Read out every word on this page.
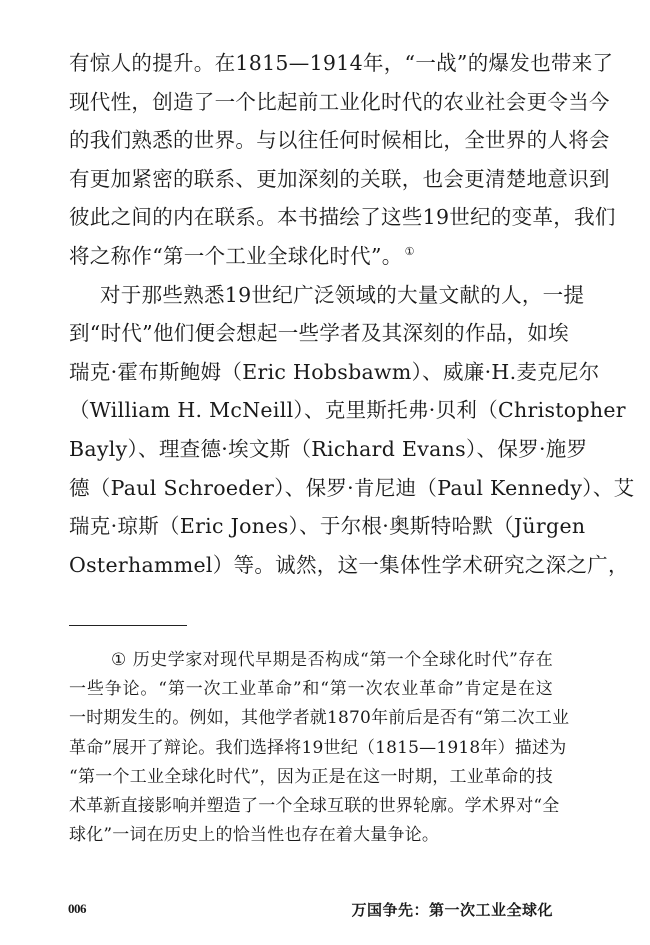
有惊人的提升。在1815—1914年，“一战”的爆发也带来了
现代性，创造了一个比起前工业化时代的农业社会更令当今
的我们熟悉的世界。与以往任何时候相比，全世界的人将会
有更加紧密的联系、更加深刻的关联，也会更清楚地意识到
彼此之间的内在联系。本书描绘了这些19世纪的变革，我们
将之称作“第一个工业全球化时代”。 ①
对于那些熟悉19世纪广泛领域的大量文献的人，一提
到“时代”他们便会想起一些学者及其深刻的作品，如埃
瑞克·霍布斯鲍姆（Eric Hobsbawm）、威廉·H.麦克尼尔
（William H. McNeill）、克里斯托弗·贝利（Christopher
Bayly）、理查德·埃文斯（Richard Evans）、保罗·施罗
德（Paul Schroeder）、保罗·肯尼迪（Paul Kennedy）、艾
瑞克·琼斯（Eric Jones）、于尔根·奥斯特哈默（Jürgen
Osterhammel）等。诚然，这一集体性学术研究之深之广，
① 历史学家对现代早期是否构成“第一个全球化时代”存在
一些争论。“第一次工业革命”和“第一次农业革命”肯定是在这
一时期发生的。例如，其他学者就1870年前后是否有“第二次工业
革命”展开了辩论。我们选择将19世纪（1815—1918年）描述为
“第一个工业全球化时代”，因为正是在这一时期，工业革命的技
术革新直接影响并塑造了一个全球互联的世界轮廓。学术界对“全
球化”一词在历史上的恰当性也存在着大量争论。
006	万国争先：第一次工业全球化
